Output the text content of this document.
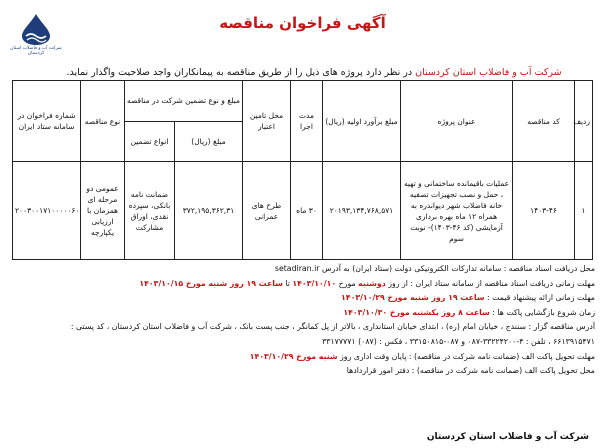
شرکت آب و فاضلاب استان کردستان
آگهی فراخوان مناقصه
شرکت آب و فاضلاب استان کردستان در نظر دارد پروژه های ذیل را از طریق مناقصه به پیمانکاران واجد صلاحیت واگذار نماید.
ردیف	کد مناقصه	عنوان پروژه	مبلغ برآورد اولیه (ریال)	مدت اجرا	محل تامین اعتبار	مبلغ و نوع تضمین شرکت در مناقصه		نوع مناقصه	شماره فراخوان در سامانه ستاد ایران
						مبلغ (ریال)	انواع تضمین		
۱	۱۴۰۳-۴۶	عملیات باقیمانده ساختمانی و تهیه ، حمل و نصب تجهیزات تصفیه خانه فاضلاب شهر دیواندره به همراه ۱۲ ماه بهره برداری آزمایشی (کد ۴۶-۱۴۰۳)- نوبت سوم	۲۰۱۹۳,۱۳۴,۷۶۸,۵۷۱	۳۰ ماه	طرح های عمرانی	۳۷۲,۱۹۵,۳۶۲,۳۱	ضمانت نامه بانکی، سپرده نقدی، اوراق مشارکت	عمومی دو مرحله ای همزمان با ارزیابی یکپارچه	۲۰۰۳۰۰۱۷۱۰۰۰۰۰۶۰
محل دریافت اسناد مناقصه : سامانه تدارکات الکترونیکی دولت (ستاد ایران) به آدرس setadiran.ir
مهلت زمانی دریافت اسناد مناقصه از سامانه ستاد ایران : از روز دوشنبه مورخ ۱۴۰۳/۱۰/۱۰ تا ساعت ۱۹ روز شنبه مورخ ۱۴۰۳/۱۰/۱۵
مهلت زمانی ارائه پیشنهاد قیمت : ساعت ۱۹ روز شنبه مورخ ۱۴۰۳/۱۰/۲۹
زمان شروع بازگشایی پاکت ها : ساعت ۸ روز یکشنبه مورخ ۱۴۰۳/۱۰/۳۰
آدرس مناقصه گزار : سنندج ، خیابان امام (ره) ، ابتدای خیابان استانداری ، بالاتر از پل کمانگر ، جنب پست بانک ، شرکت آب و فاضلاب استان کردستان ، کد پستی :
۶۶۱۳۹۱۵۴۷۱ ، تلفن : ۴-۳۳۲۲۴۲۰۰-۰۸۷ و ۰۸۷-۳۳۱۵۰۸۱۵ ، فکس : (۰۸۷) ۳۳۱۷۷۷۷۱
مهلت تحویل پاکت الف (ضمانت نامه شرکت در مناقصه) : پایان وقت اداری روز شنبه مورخ ۱۴۰۳/۱۰/۲۹
محل تحویل پاکت الف (ضمانت نامه شرکت در مناقصه) : دفتر امور قراردادها
شرکت آب و فاضلاب استان کردستان
